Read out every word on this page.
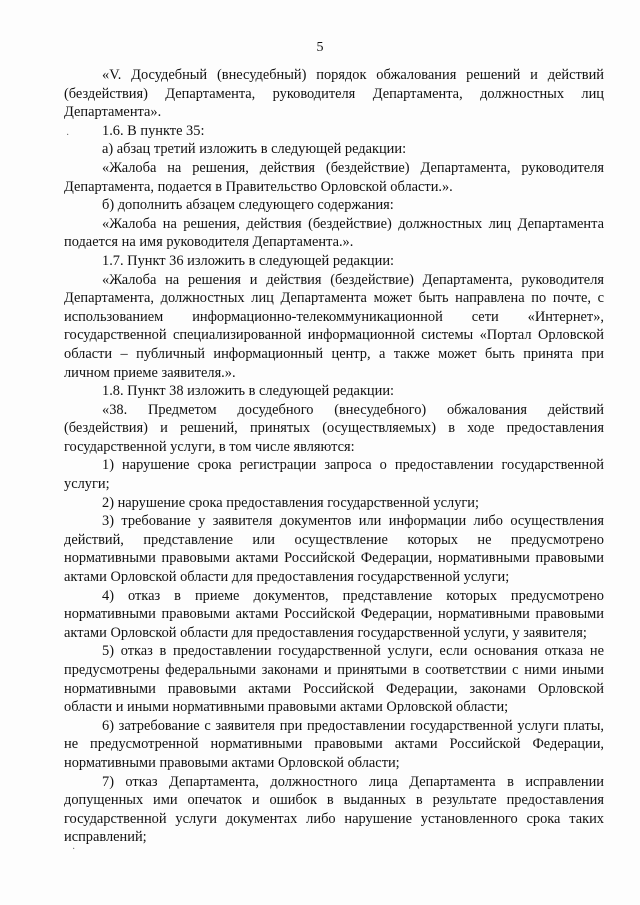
5

«V. Досудебный (внесудебный) порядок обжалования решений и действий (бездействия) Департамента, руководителя Департамента, должностных лиц Департамента».

1.6. В пункте 35:

а) абзац третий изложить в следующей редакции:

«Жалоба на решения, действия (бездействие) Департамента, руководителя Департамента, подается в Правительство Орловской области.».

б) дополнить абзацем следующего содержания:

«Жалоба на решения, действия (бездействие) должностных лиц Департамента подается на имя руководителя Департамента.».

1.7. Пункт 36 изложить в следующей редакции:

«Жалоба на решения и действия (бездействие) Департамента, руководителя Департамента, должностных лиц Департамента может быть направлена по почте, с использованием информационно-телекоммуникационной сети «Интернет», государственной специализированной информационной системы «Портал Орловской области – публичный информационный центр, а также может быть принята при личном приеме заявителя.».

1.8. Пункт 38 изложить в следующей редакции:

«38. Предметом досудебного (внесудебного) обжалования действий (бездействия) и решений, принятых (осуществляемых) в ходе предоставления государственной услуги, в том числе являются:

1) нарушение срока регистрации запроса о предоставлении государственной услуги;

2) нарушение срока предоставления государственной услуги;

3) требование у заявителя документов или информации либо осуществления действий, представление или осуществление которых не предусмотрено нормативными правовыми актами Российской Федерации, нормативными правовыми актами Орловской области для предоставления государственной услуги;

4) отказ в приеме документов, представление которых предусмотрено нормативными правовыми актами Российской Федерации, нормативными правовыми актами Орловской области для предоставления государственной услуги, у заявителя;

5) отказ в предоставлении государственной услуги, если основания отказа не предусмотрены федеральными законами и принятыми в соответствии с ними иными нормативными правовыми актами Российской Федерации, законами Орловской области и иными нормативными правовыми актами Орловской области;

6) затребование с заявителя при предоставлении государственной услуги платы, не предусмотренной нормативными правовыми актами Российской Федерации, нормативными правовыми актами Орловской области;

7) отказ Департамента, должностного лица Департамента в исправлении допущенных ими опечаток и ошибок в выданных в результате предоставления государственной услуги документах либо нарушение установленного срока таких исправлений;

·
·
